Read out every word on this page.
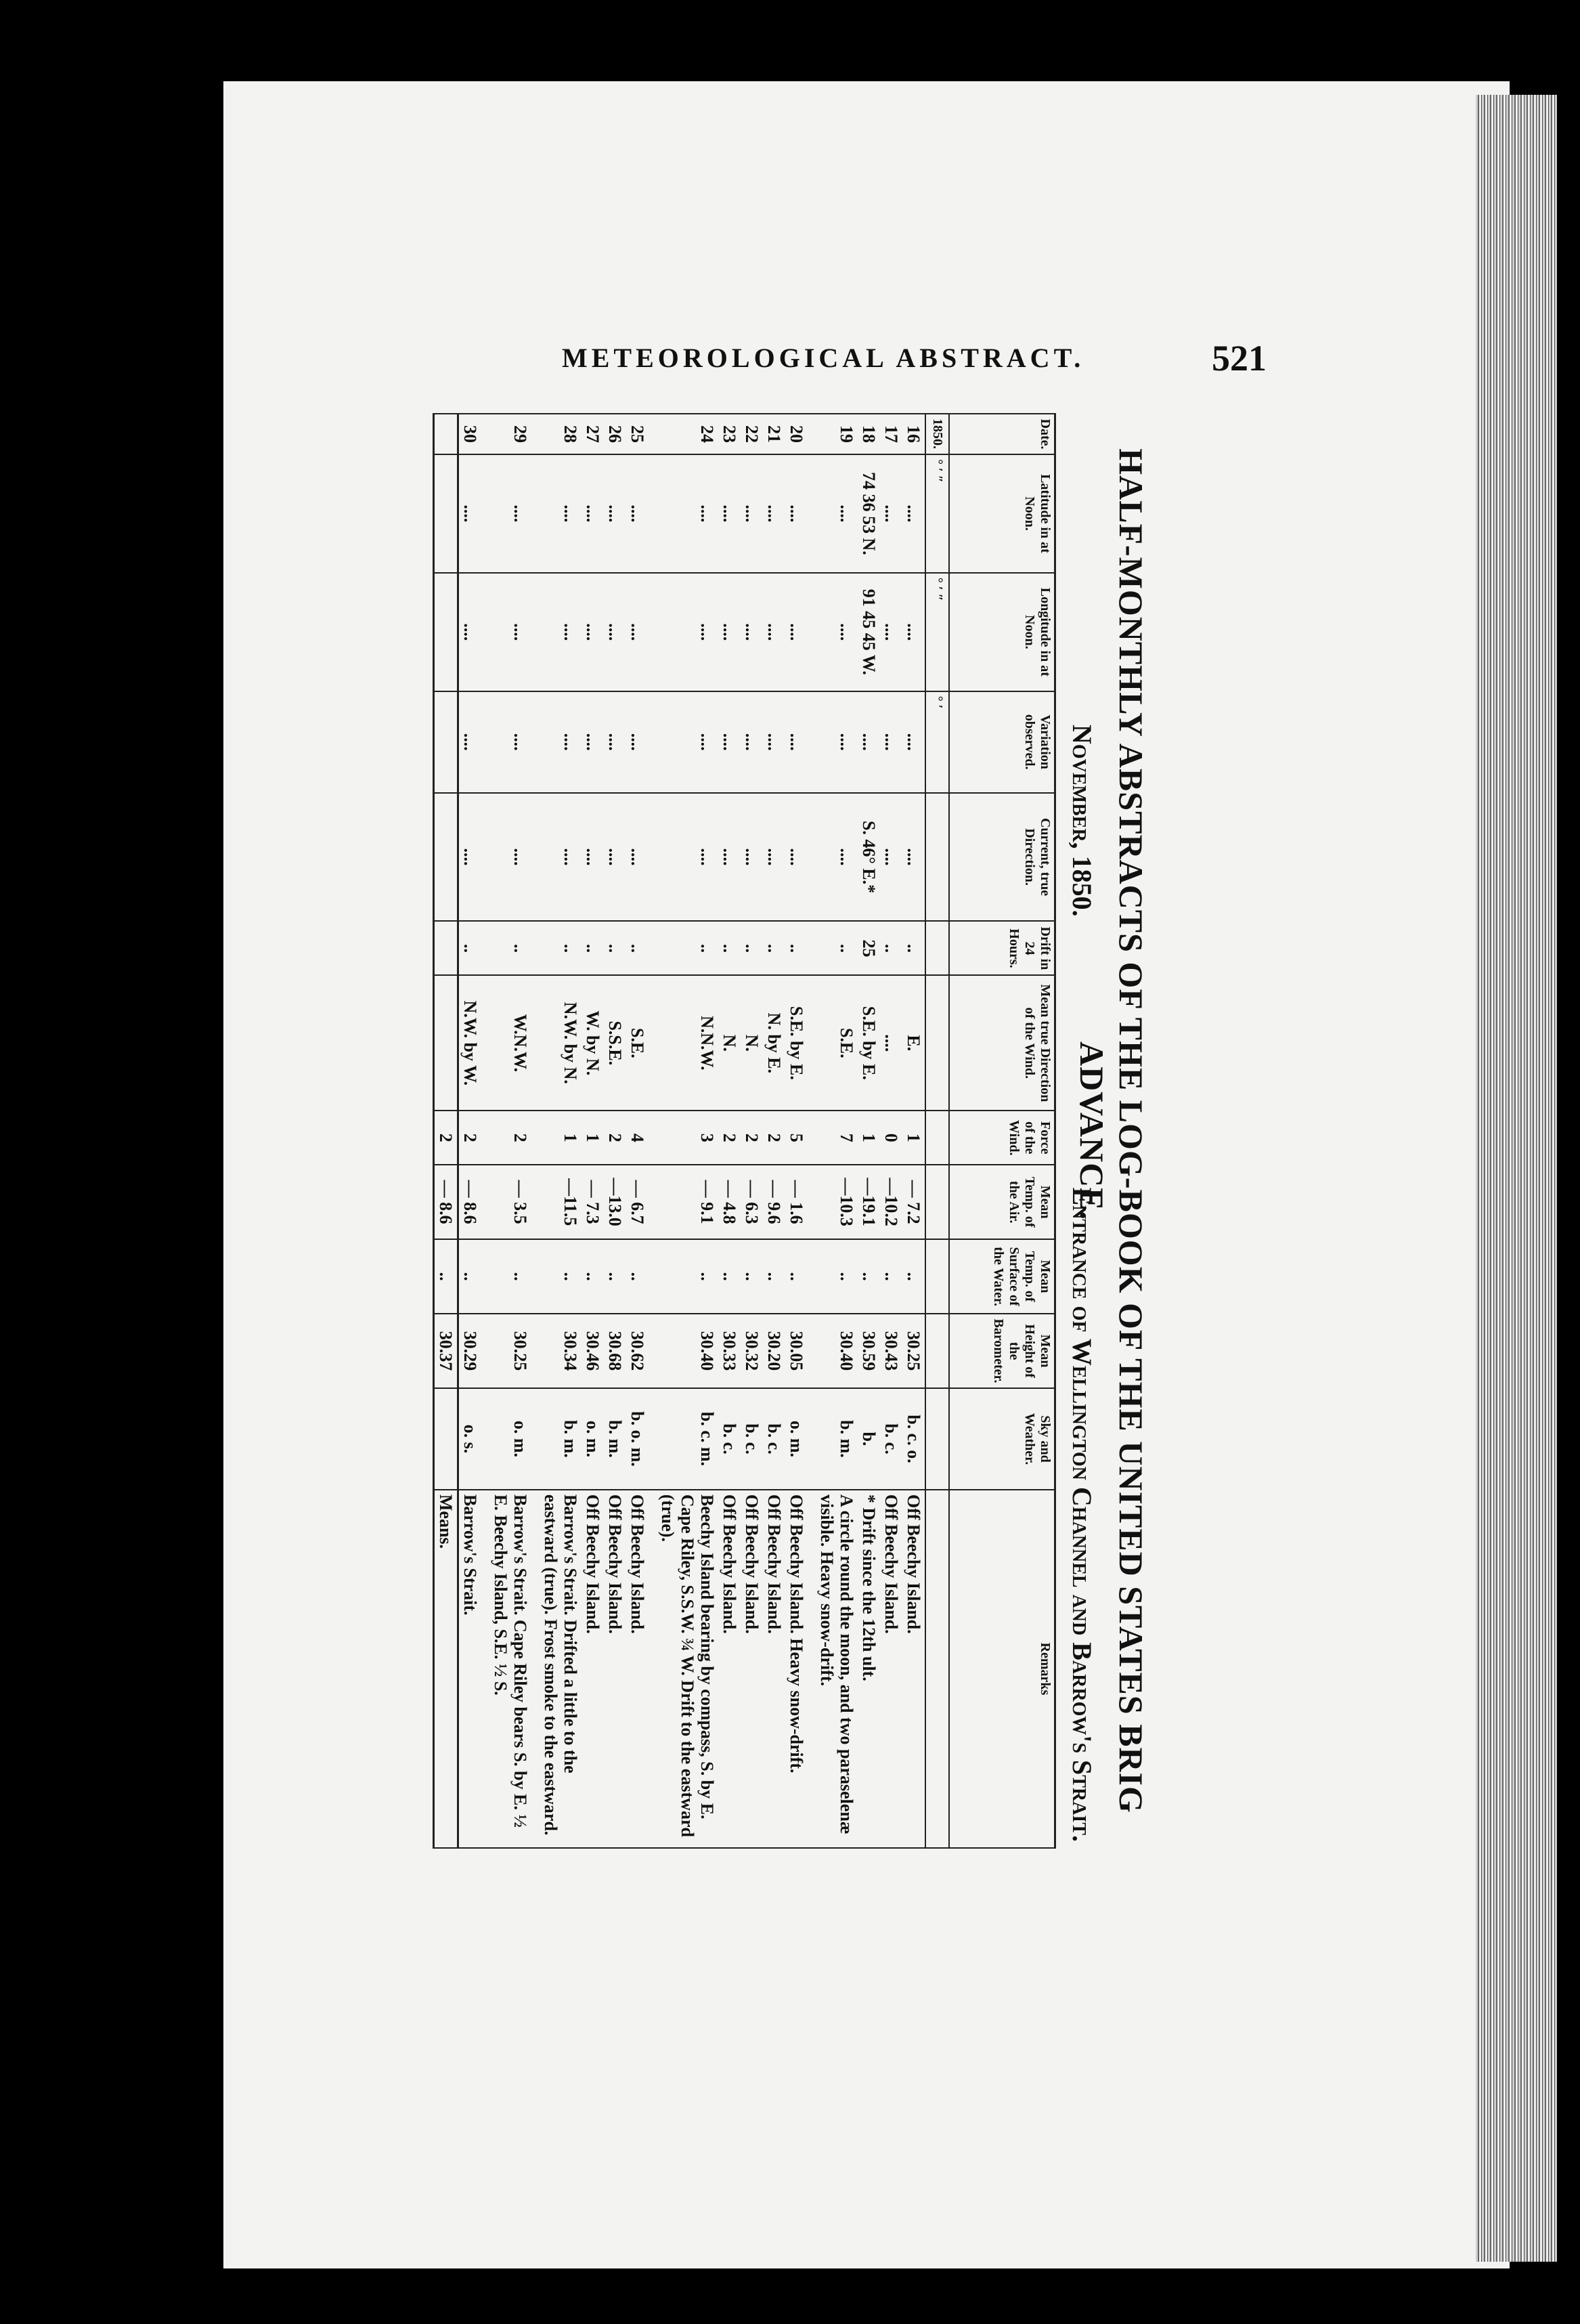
METEOROLOGICAL ABSTRACT.	521
HALF-MONTHLY ABSTRACTS OF THE LOG-BOOK OF THE UNITED STATES BRIG ADVANCE.
November, 1850.
Entrance of Wellington Channel and Barrow's Strait.
Date.	Latitude in at Noon.	Longitude in at Noon.	Variation observed.	Current, true Direction.	Drift in 24 Hours.	Mean true Direction of the Wind.	Force of the Wind.	Mean Temp. of the Air.	Mean Temp. of Surface of the Water.	Mean Height of the Barometer.	Sky and Weather.	Remarks
1850.	° ′ ″	° ′ ″	° ′									
16	....	....	....	....	..	E.	1	— 7.2	..	30.25	b. c. o.	Off Beechy Island.
17	....	....	....	....	..	....	0	—10.2	..	30.43	b. c.	Off Beechy Island.
18	74 36 53 N.	91 45 45 W.	....	S. 46° E.*	25	S.E. by E.	1	—19.1	..	30.59	b.	* Drift since the 12th ult.
19	....	....	....	....	..	S.E.	7	—10.3	..	30.40	b. m.	A circle round the moon, and two paraselenæ visible. Heavy snow-drift.
20	....	....	....	....	..	S.E. by E.	5	— 1.6	..	30.05	o. m.	Off Beechy Island. Heavy snow-drift.
21	....	....	....	....	..	N. by E.	2	— 9.6	..	30.20	b. c.	Off Beechy Island.
22	....	....	....	....	..	N.	2	— 6.3	..	30.32	b. c.	Off Beechy Island.
23	....	....	....	....	..	N.	2	— 4.8	..	30.33	b. c.	Off Beechy Island.
24	....	....	....	....	..	N.N.W.	3	— 9.1	..	30.40	b. c. m.	Beechy Island bearing by compass, S. by E. Cape Riley, S.S.W. ¾ W. Drift to the eastward (true).
25	....	....	....	....	..	S.E.	4	— 6.7	..	30.62	b. o. m.	Off Beechy Island.
26	....	....	....	....	..	S.S.E.	2	—13.0	..	30.68	b. m.	Off Beechy Island.
27	....	....	....	....	..	W. by N.	1	— 7.3	..	30.46	o. m.	Off Beechy Island.
28	....	....	....	....	..	N.W. by N.	1	—11.5	..	30.34	b. m.	Barrow's Strait. Drifted a little to the eastward (true). Frost smoke to the eastward.
29	....	....	....	....	..	W.N.W.	2	— 3.5	..	30.25	o. m.	Barrow's Strait. Cape Riley bears S. by E. ½ E. Beechy Island, S.E. ½ S.
30	....	....	....	....	..	N.W. by W.	2	— 8.6	..	30.29	o. s.	Barrow's Strait.
							2	— 8.6	..	30.37		Means.
